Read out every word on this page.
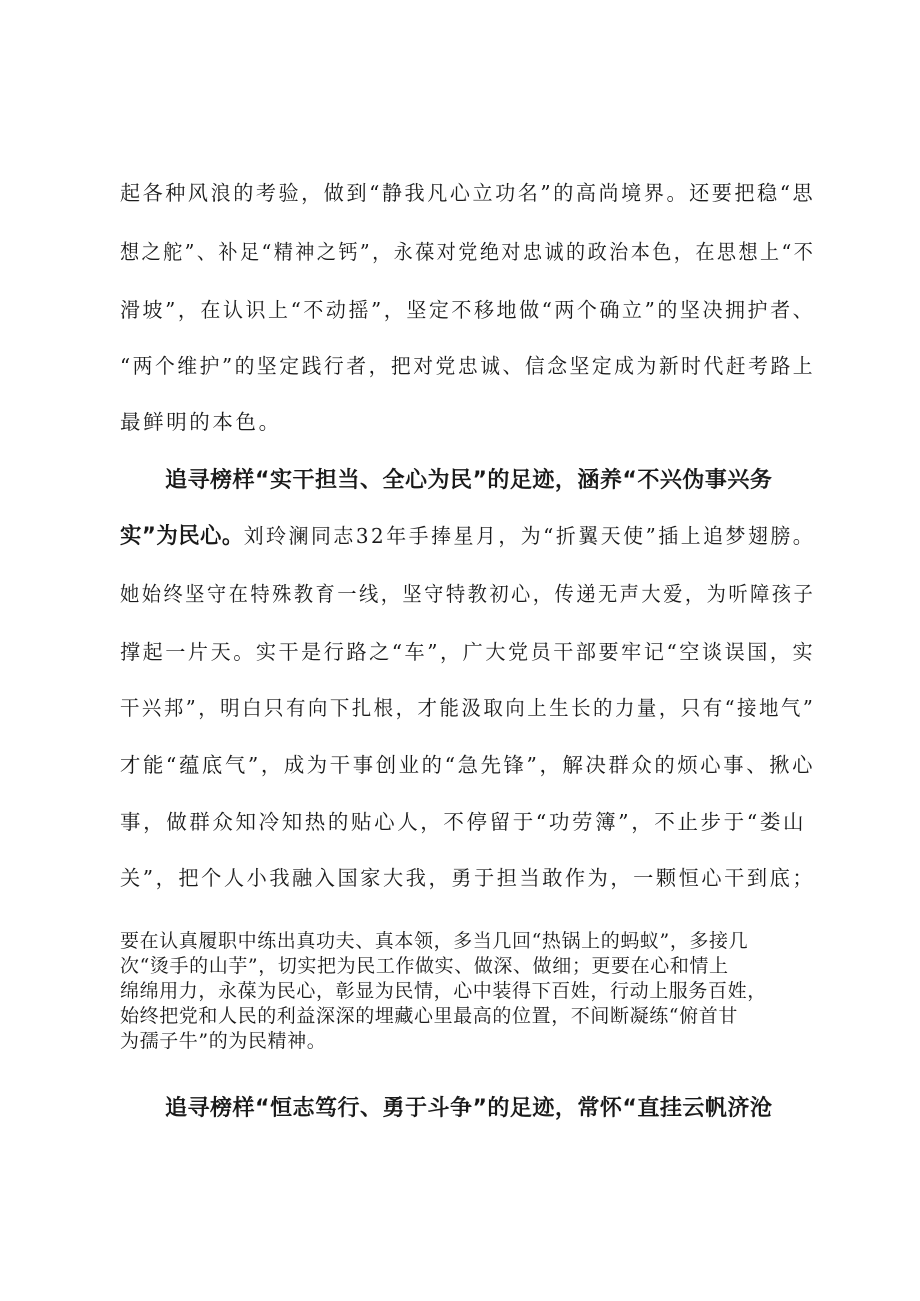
起各种风浪的考验，做到“静我凡心立功名”的高尚境界。还要把稳“思
想之舵”、补足“精神之钙”，永葆对党绝对忠诚的政治本色，在思想上“不
滑坡”，在认识上“不动摇”，坚定不移地做“两个确立”的坚决拥护者、
“两个维护”的坚定践行者，把对党忠诚、信念坚定成为新时代赶考路上
最鲜明的本色。
追寻榜样“实干担当、全心为民”的足迹，涵养“不兴伪事兴务
实”为民心。刘玲澜同志32年手捧星月，为“折翼天使”插上追梦翅膀。
她始终坚守在特殊教育一线，坚守特教初心，传递无声大爱，为听障孩子
撑起一片天。实干是行路之“车”，广大党员干部要牢记“空谈误国，实
干兴邦”，明白只有向下扎根，才能汲取向上生长的力量，只有“接地气”
才能“蕴底气”，成为干事创业的“急先锋”，解决群众的烦心事、揪心
事，做群众知冷知热的贴心人，不停留于“功劳簿”，不止步于“娄山
关”，把个人小我融入国家大我，勇于担当敢作为，一颗恒心干到底；
要在认真履职中练出真功夫、真本领，多当几回“热锅上的蚂蚁”，多接几
次“烫手的山芋”，切实把为民工作做实、做深、做细；更要在心和情上
绵绵用力，永葆为民心，彰显为民情，心中装得下百姓，行动上服务百姓，
始终把党和人民的利益深深的埋藏心里最高的位置，不间断凝练“俯首甘
为孺子牛”的为民精神。
追寻榜样“恒志笃行、勇于斗争”的足迹，常怀“直挂云帆济沧
